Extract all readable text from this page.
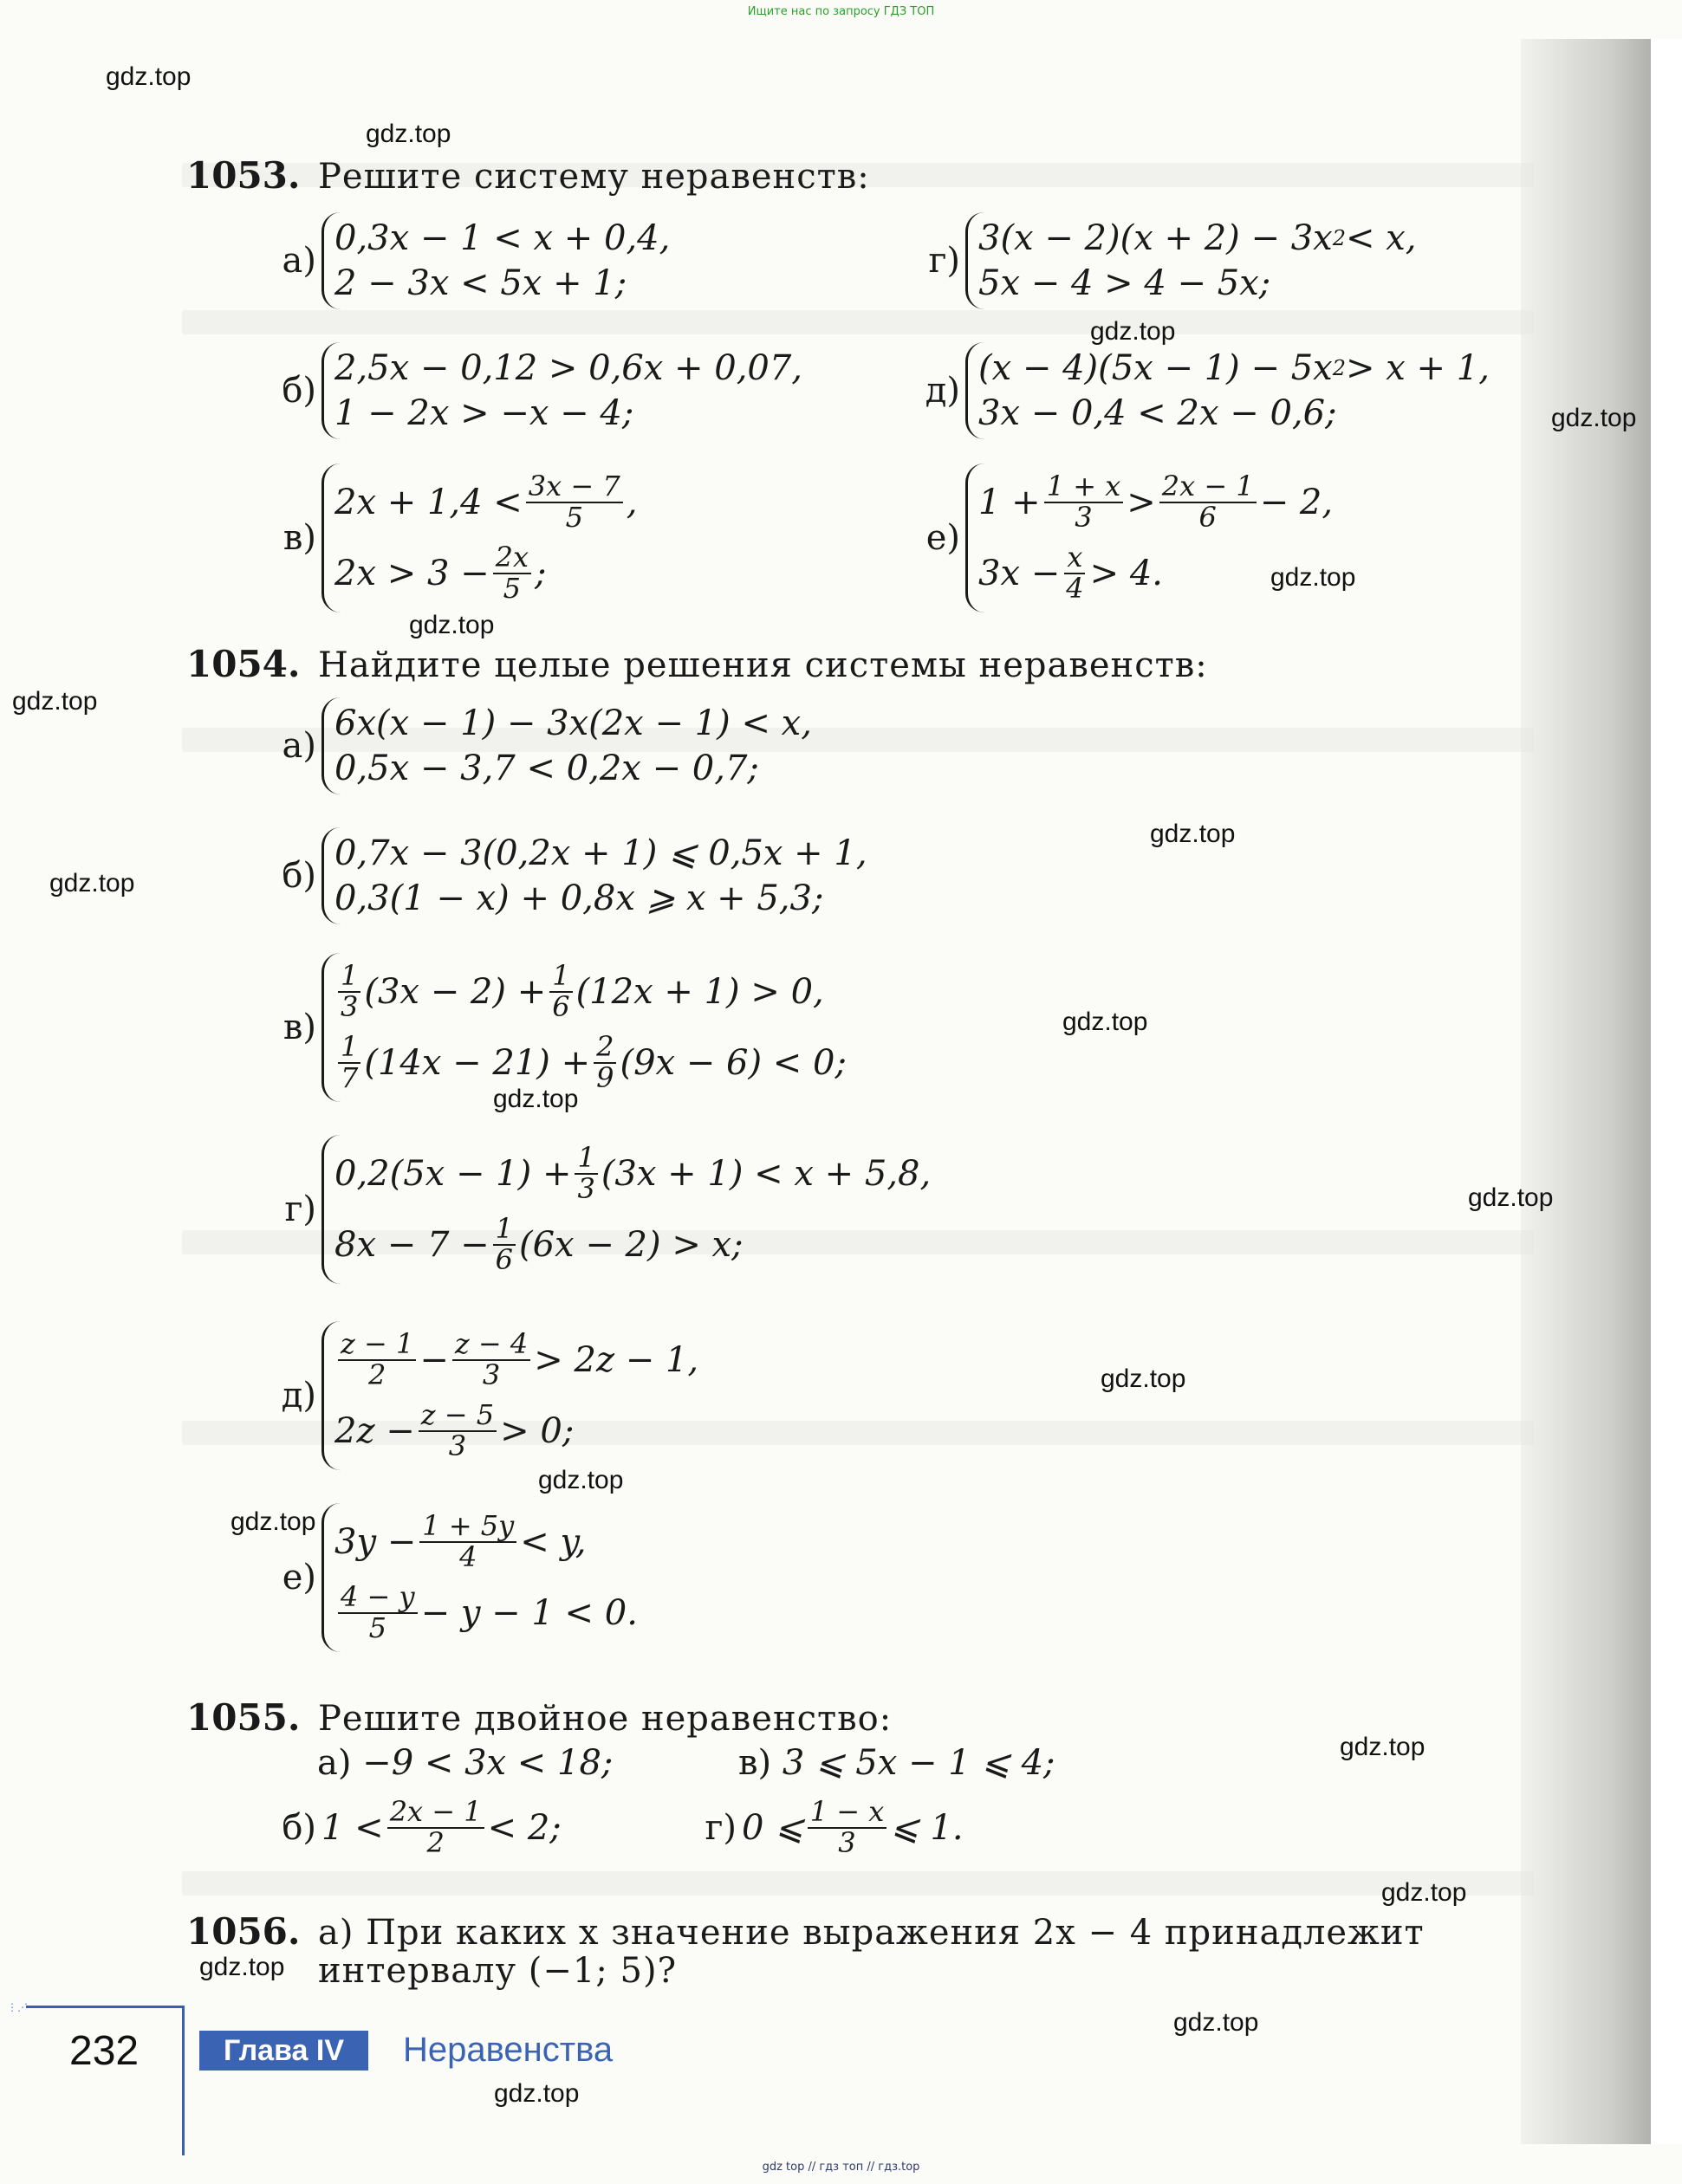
Ищите нас по запросу ГДЗ ТОП
gdz.top
gdz.top
gdz.top
gdz.top
gdz.top
gdz.top
gdz.top
gdz.top
gdz.top
gdz.top
gdz.top
gdz.top
gdz.top
gdz.top
gdz.top
gdz.top
gdz.top
gdz.top
gdz.top
gdz.top
1053. Решите систему неравенств:
а)
0,3x − 1 < x + 0,4,
2 − 3x < 5x + 1;
г)
3(x − 2)(x + 2) − 3x 2 < x,
5x − 4 > 4 − 5x;
б)
2,5x − 0,12 > 0,6x + 0,07,
1 − 2x > −x − 4;
д)
(x − 4)(5x − 1) − 5x 2 > x + 1,
3x − 0,4 < 2x − 0,6;
в)
$2x + 1,4 < \frac{3x - 7}{5}$ ,
$2x > 3 - \frac{2x}{5}$ ;
е)
$1 + \frac{1 + x}{3} > \frac{2x - 1}{6} - 2$,
$3x - \frac{x}{4} > 4$.
1054. Найдите целые решения системы неравенств:
а)
6x(x − 1) − 3x(2x − 1) < x,
0,5x − 3,7 < 0,2x − 0,7;
б)
0,7x − 3(0,2x + 1) ⩽ 0,5x + 1,
0,3(1 − x) + 0,8x ⩾ x + 5,3;
в)
$\frac{1}{3} (3x - 2) + \frac{1}{6} (12x + 1) > 0$,
$\frac{1}{7} (14x - 21) + \frac{2}{9} (9x - 6) < 0$;
г)
$0,2(5x - 1) + \frac{1}{3} (3x + 1) < x + 5,8$,
$8x - 7 - \frac{1}{6} (6x - 2) > x$;
д)
$\frac{z - 1}{2} - \frac{z - 4}{3} > 2z - 1$,
$2z - \frac{z - 5}{3} > 0$;
е)
$3y - \frac{1 + 5y}{4} < y$,
$\frac{4 - y}{5} - y - 1 < 0$.
1055. Решите двойное неравенство:
а) −9 < 3x < 18;	в) 3 ⩽ 5x − 1 ⩽ 4;
б) $1 < \frac{2x - 1}{2} < 2$;	г) 0 ⩽ $\frac{1 - x}{3}$ ⩽ 1.
1056. а) При каких x значение выражения 2x − 4 принадлежит
интервалу (−1; 5)?
⋮⋰
232	Глава IV	Неравенства
gdz top // гдз топ // гдз.top
